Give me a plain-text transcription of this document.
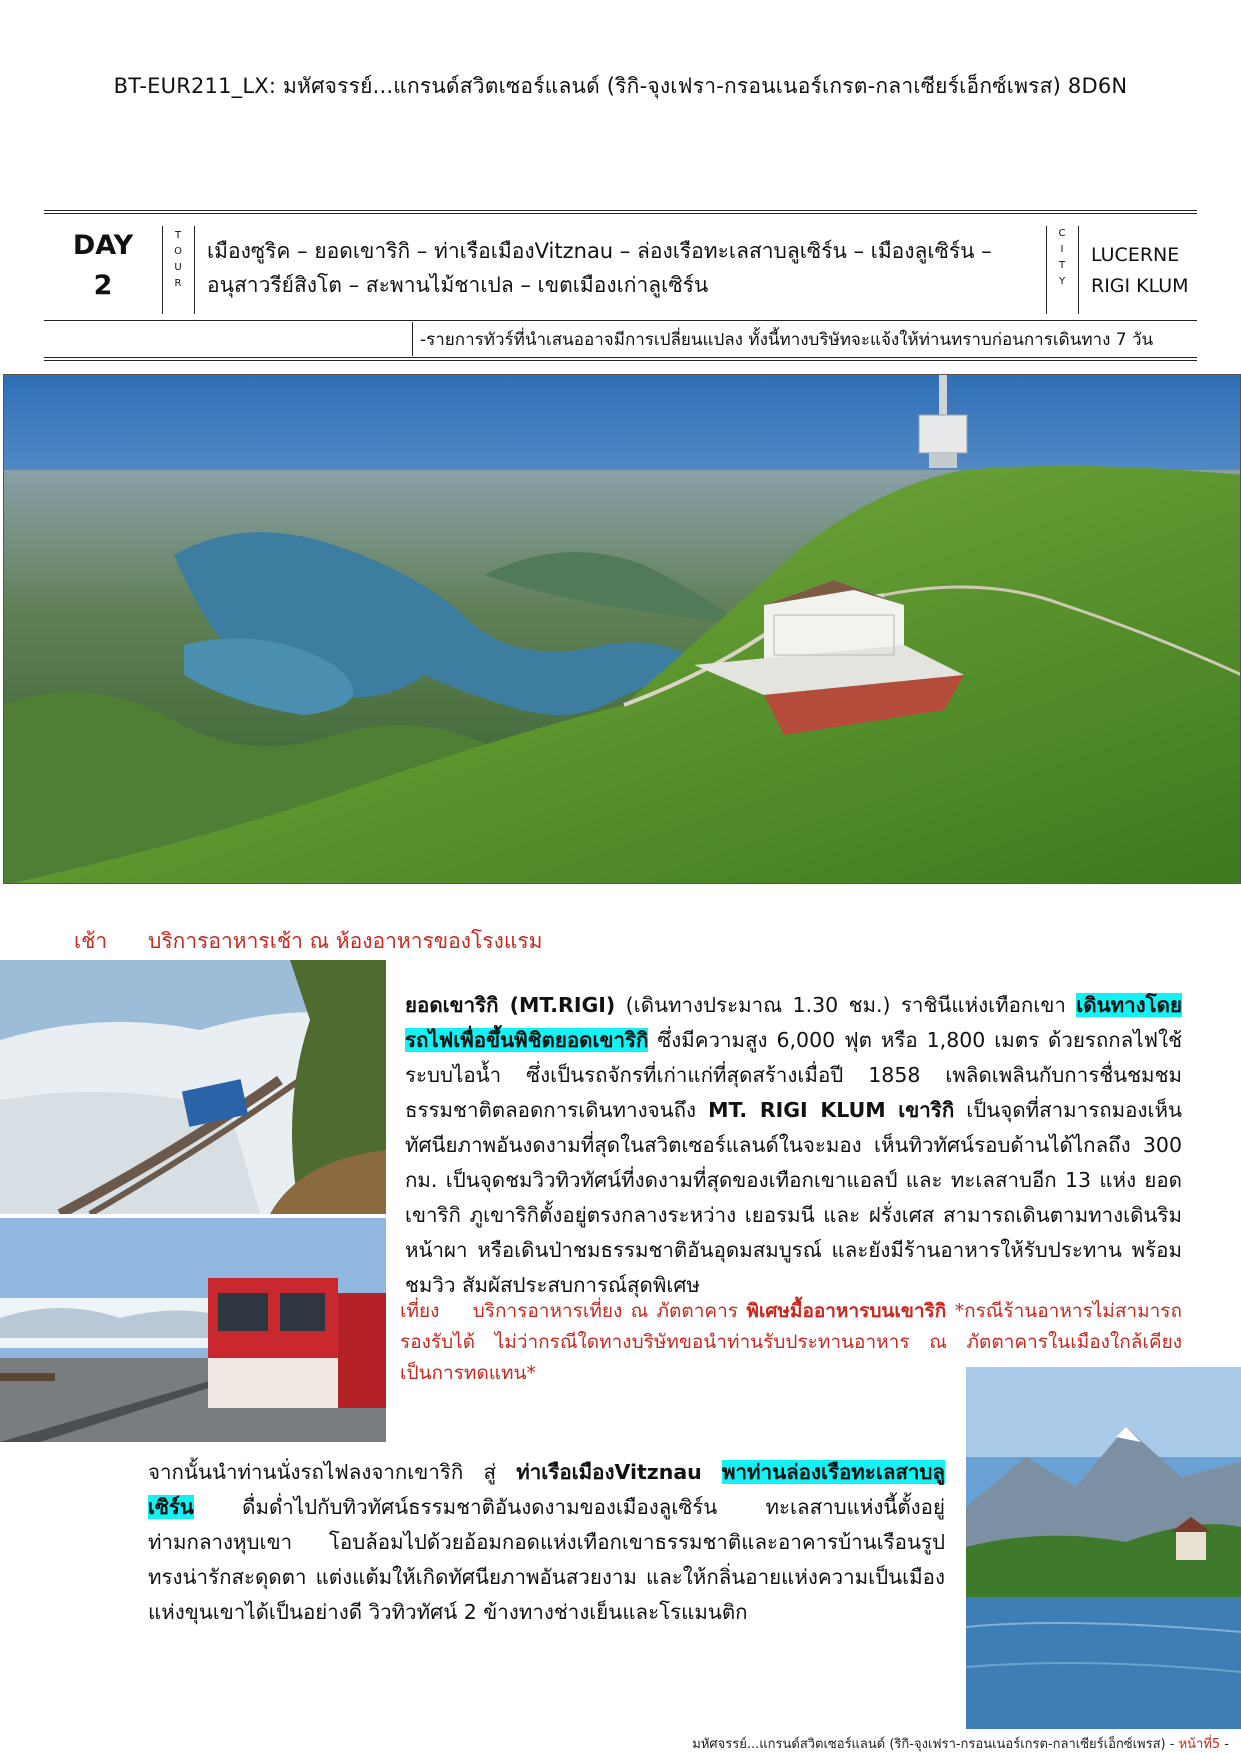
BT-EUR211_LX: มหัศจรรย์...แกรนด์สวิตเซอร์แลนด์ (ริกิ-จุงเฟรา-กรอนเนอร์เกรต-กลาเซียร์เอ็กซ์เพรส) 8D6N
DAY
2
T
O
U
R
เมืองซูริค – ยอดเขาริกิ – ท่าเรือเมืองVitznau – ล่องเรือทะเลสาบลูเซิร์น – เมืองลูเซิร์น –
อนุสาวรีย์สิงโต – สะพานไม้ชาเปล – เขตเมืองเก่าลูเซิร์น
C
I
T
Y
LUCERNE
RIGI KLUM
-รายการทัวร์ที่นำเสนออาจมีการเปลี่ยนแปลง ทั้งนี้ทางบริษัทจะแจ้งให้ท่านทราบก่อนการเดินทาง 7 วัน
เช้า บริการอาหารเช้า ณ ห้องอาหารของโรงแรม
ยอดเขาริกิ (MT.RIGI) (เดินทางประมาณ 1.30 ชม.) ราชินีแห่งเทือกเขา เดินทางโดยรถไฟเพื่อขึ้นพิชิตยอดเขาริกิ ซึ่งมีความสูง 6,000 ฟุต หรือ 1,800 เมตร ด้วยรถกลไฟใช้ระบบไอน้ำ ซึ่งเป็นรถจักรที่เก่าแก่ที่สุดสร้างเมื่อปี 1858 เพลิดเพลินกับการชื่นชมชมธรรมชาติตลอดการเดินทางจนถึง MT. RIGI KLUM เขาริกิ เป็นจุดที่สามารถมองเห็นทัศนียภาพอันงดงามที่สุดในสวิตเซอร์แลนด์ในจะมอง เห็นทิวทัศน์รอบด้านได้ไกลถึง 300 กม. เป็นจุดชมวิวทิวทัศน์ที่งดงามที่สุดของเทือกเขาแอลป์ และ ทะเลสาบอีก 13 แห่ง ยอดเขาริกิ ภูเขาริกิตั้งอยู่ตรงกลางระหว่าง เยอรมนี และ ฝรั่งเศส สามารถเดินตามทางเดินริมหน้าผา หรือเดินป่าชมธรรมชาติอันอุดมสมบูรณ์ และยังมีร้านอาหารให้รับประทาน พร้อมชมวิว สัมผัสประสบการณ์สุดพิเศษ
เที่ยง บริการอาหารเที่ยง ณ ภัตตาคาร พิเศษมื้ออาหารบนเขาริกิ *กรณีร้านอาหารไม่สามารถรองรับได้ ไม่ว่ากรณีใดทางบริษัทขอนำท่านรับประทานอาหาร ณ ภัตตาคารในเมืองใกล้เคียงเป็นการทดแทน*
จากนั้นนำท่านนั่งรถไฟลงจากเขาริกิ สู่ ท่าเรือเมืองVitznau พาท่านล่องเรือทะเลสาบลูเซิร์น ดื่มด่ำไปกับทิวทัศน์ธรรมชาติอันงดงามของเมืองลูเซิร์น ทะเลสาบแห่งนี้ตั้งอยู่ท่ามกลางหุบเขา โอบล้อมไปด้วยอ้อมกอดแห่งเทือกเขาธรรมชาติและอาคารบ้านเรือนรูปทรงน่ารักสะดุดตา แต่งแต้มให้เกิดทัศนียภาพอันสวยงาม และให้กลิ่นอายแห่งความเป็นเมืองแห่งขุนเขาได้เป็นอย่างดี วิวทิวทัศน์ 2 ข้างทางช่างเย็นและโรแมนติก
มหัศจรรย์...แกรนด์สวิตเซอร์แลนด์ (ริกิ-จุงเฟรา-กรอนเนอร์เกรต-กลาเซียร์เอ็กซ์เพรส) - หน้าที่5 -
